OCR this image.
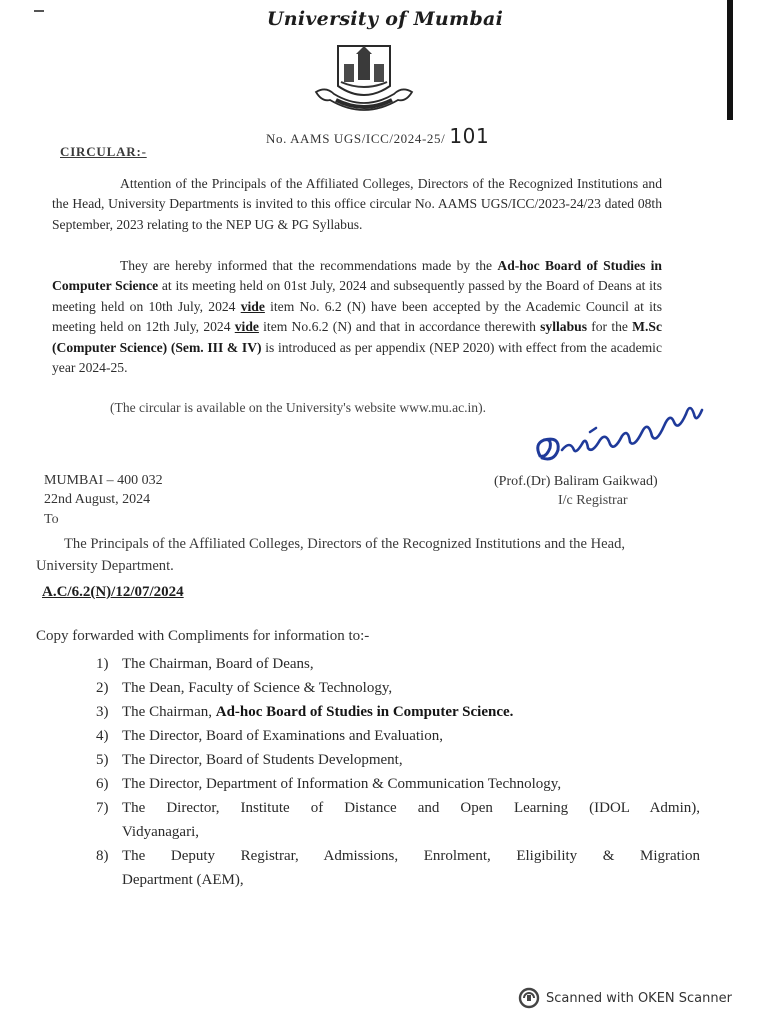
University of Mumbai
No. AAMS UGS/ICC/2024-25/ 101
CIRCULAR:-

Attention of the Principals of the Affiliated Colleges, Directors of the Recognized Institutions and the Head, University Departments is invited to this office circular No. AAMS UGS/ICC/2023-24/23 dated 08th September, 2023 relating to the NEP UG & PG Syllabus.

They are hereby informed that the recommendations made by the Ad-hoc Board of Studies in Computer Science at its meeting held on 01st July, 2024 and subsequently passed by the Board of Deans at its meeting held on 10th July, 2024 vide item No. 6.2 (N) have been accepted by the Academic Council at its meeting held on 12th July, 2024 vide item No.6.2 (N) and that in accordance therewith syllabus for the M.Sc (Computer Science) (Sem. III & IV) is introduced as per appendix (NEP 2020) with effect from the academic year 2024-25.

(The circular is available on the University's website www.mu.ac.in).
MUMBAI – 400 032
22nd August, 2024
To
(Prof.(Dr) Baliram Gaikwad)
I/c Registrar
The Principals of the Affiliated Colleges, Directors of the Recognized Institutions and the Head, University Department.
A.C/6.2(N)/12/07/2024
Copy forwarded with Compliments for information to:-
1) The Chairman, Board of Deans,
2) The Dean, Faculty of Science & Technology,
3) The Chairman, Ad-hoc Board of Studies in Computer Science.
4) The Director, Board of Examinations and Evaluation,
5) The Director, Board of Students Development,
6) The Director, Department of Information & Communication Technology,
7) The Director, Institute of Distance and Open Learning (IDOL Admin),
Vidyanagari,
8) The Deputy Registrar, Admissions, Enrolment, Eligibility & Migration
Department (AEM),
Scanned with OKEN Scanner
